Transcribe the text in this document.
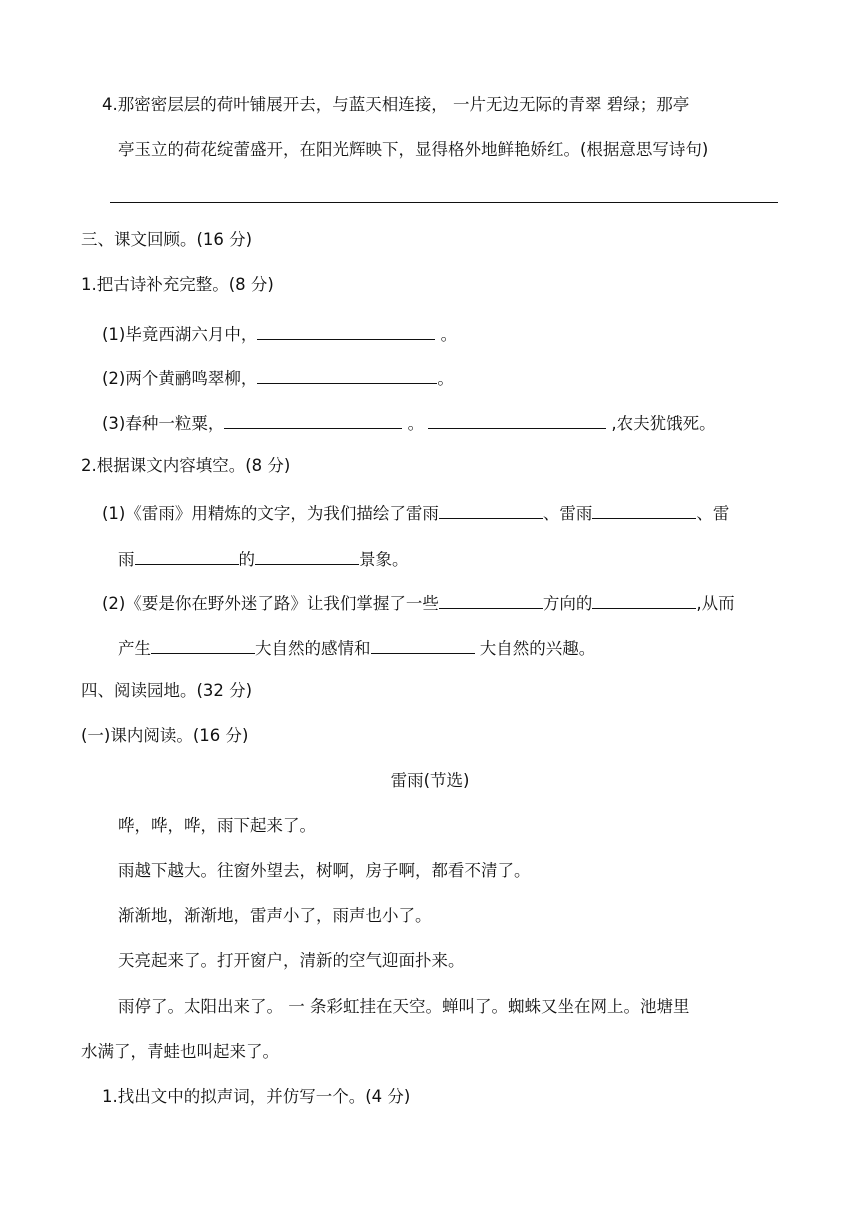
4.那密密层层的荷叶铺展开去，与蓝天相连接， 一片无边无际的青翠 碧绿；那亭
亭玉立的荷花绽蕾盛开，在阳光辉映下，显得格外地鲜艳娇红。(根据意思写诗句)
三、课文回顾。(16 分)
1.把古诗补充完整。(8 分)
(1)毕竟西湖六月中，	。
(2)两个黄鹂鸣翠柳，	。
(3)春种一粒粟，	。	,农夫犹饿死。
2.根据课文内容填空。(8 分)
(1)《雷雨》用精炼的文字，为我们描绘了雷雨	、雷雨	、雷
雨	的	景象。
(2)《要是你在野外迷了路》让我们掌握了一些	方向的	,从而
产生	大自然的感情和	大自然的兴趣。
四、阅读园地。(32 分)
(一)课内阅读。(16 分)
雷雨(节选)
哗，哗，哗，雨下起来了。
雨越下越大。往窗外望去，树啊，房子啊，都看不清了。
渐渐地，渐渐地，雷声小了，雨声也小了。
天亮起来了。打开窗户，清新的空气迎面扑来。
雨停了。太阳出来了。 一 条彩虹挂在天空。蝉叫了。蜘蛛又坐在网上。池塘里
水满了，青蛙也叫起来了。
1.找出文中的拟声词，并仿写一个。(4 分)
